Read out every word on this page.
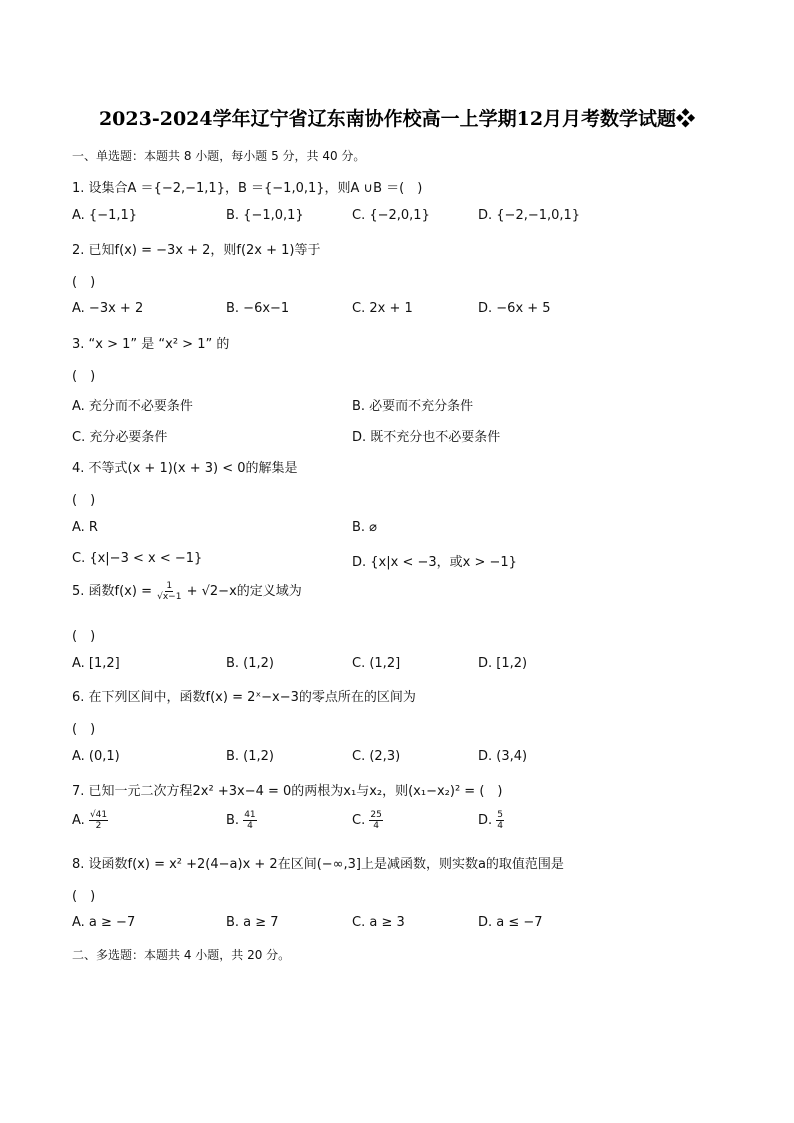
2023-2024学年辽宁省辽东南协作校高一上学期12月月考数学试题❖
一、单选题：本题共 8 小题，每小题 5 分，共 40 分。
1. 设集合A ＝{−2,−1,1}，B ＝{−1,0,1}，则A ∪B ＝(　)
A. {−1,1}	B. {−1,0,1}	C. {−2,0,1}	D. {−2,−1,0,1}
2. 已知f(x) = −3x + 2，则f(2x + 1)等于
(　)
A. −3x + 2	B. −6x−1	C. 2x + 1	D. −6x + 5
3. “x > 1” 是 “x² > 1” 的
(　)
A. 充分而不必要条件	B. 必要而不充分条件
C. 充分必要条件	D. 既不充分也不必要条件
4. 不等式(x + 1)(x + 3) < 0的解集是
(　)
A. R	B. ⌀
C. {x|−3 < x < −1}	D. {x|x < −3，或x > −1}
5. 函数$f(x) = \frac{1}{√x-1} + √2-x$的定义域为
(　)
A. [1,2]	B. (1,2)	C. (1,2]	D. [1,2)
6. 在下列区间中，函数f(x) = 2ˣ−x−3的零点所在的区间为
(　)
A. (0,1)	B. (1,2)	C. (2,3)	D. (3,4)
7. 已知一元二次方程2x² +3x−4 = 0的两根为x₁与x₂，则(x₁−x₂)² = (　)
A. $\frac{√41}{2}$	B. $\frac{41}{4}$	C. $\frac{25}{4}$	D. $\frac{5}{4}$
8. 设函数f(x) = x² +2(4−a)x + 2在区间(−∞,3]上是减函数，则实数a的取值范围是
(　)
A. a ≥ −7	B. a ≥ 7	C. a ≥ 3	D. a ≤ −7
二、多选题：本题共 4 小题，共 20 分。
